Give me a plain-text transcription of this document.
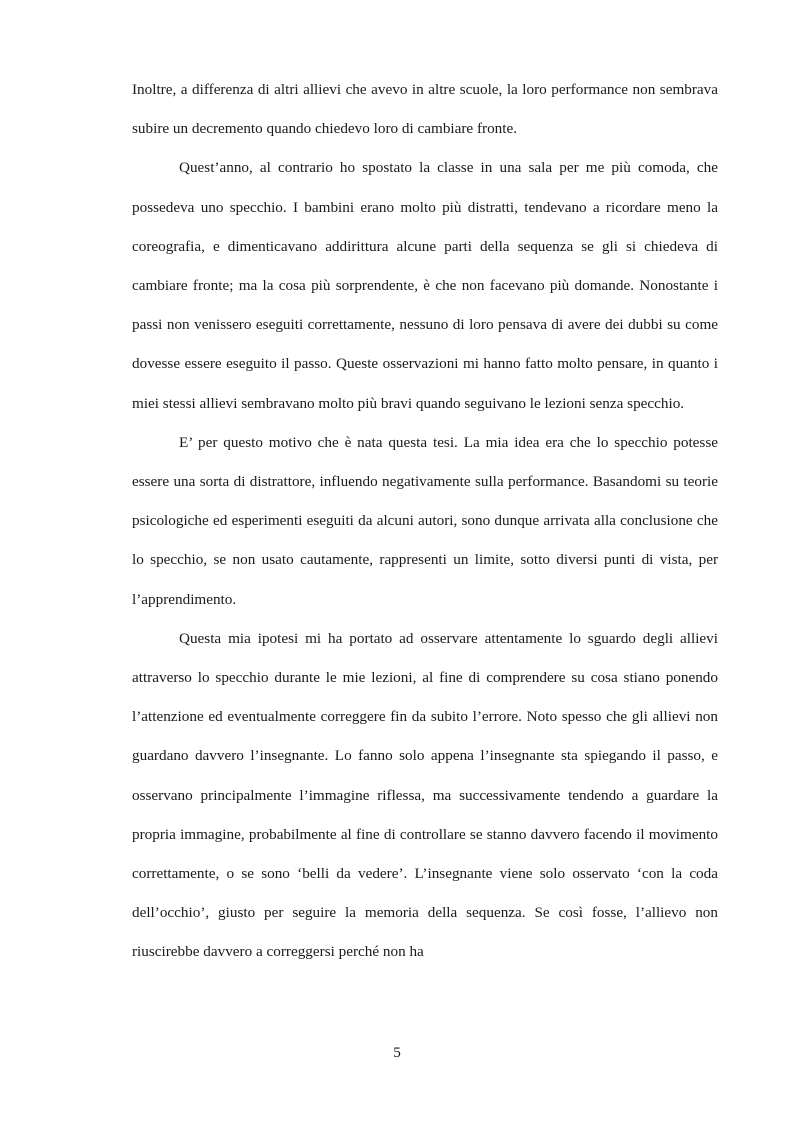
Inoltre, a differenza di altri allievi che avevo in altre scuole, la loro performance non sembrava subire un decremento quando chiedevo loro di cambiare fronte.

Quest’anno, al contrario ho spostato la classe in una sala per me più comoda, che possedeva uno specchio. I bambini erano molto più distratti, tendevano a ricordare meno la coreografia, e dimenticavano addirittura alcune parti della sequenza se gli si chiedeva di cambiare fronte; ma la cosa più sorprendente, è che non facevano più domande. Nonostante i passi non venissero eseguiti correttamente, nessuno di loro pensava di avere dei dubbi su come dovesse essere eseguito il passo. Queste osservazioni mi hanno fatto molto pensare, in quanto i miei stessi allievi sembravano molto più bravi quando seguivano le lezioni senza specchio.

E’ per questo motivo che è nata questa tesi. La mia idea era che lo specchio potesse essere una sorta di distrattore, influendo negativamente sulla performance. Basandomi su teorie psicologiche ed esperimenti eseguiti da alcuni autori, sono dunque arrivata alla conclusione che lo specchio, se non usato cautamente, rappresenti un limite, sotto diversi punti di vista, per l’apprendimento.

Questa mia ipotesi mi ha portato ad osservare attentamente lo sguardo degli allievi attraverso lo specchio durante le mie lezioni, al fine di comprendere su cosa stiano ponendo l’attenzione ed eventualmente correggere fin da subito l’errore. Noto spesso che gli allievi non guardano davvero l’insegnante. Lo fanno solo appena l’insegnante sta spiegando il passo, e osservano principalmente l’immagine riflessa, ma successivamente tendendo a guardare la propria immagine, probabilmente al fine di controllare se stanno davvero facendo il movimento correttamente, o se sono ‘belli da vedere’. L’insegnante viene solo osservato ‘con la coda dell’occhio’, giusto per seguire la memoria della sequenza. Se così fosse, l’allievo non riuscirebbe davvero a correggersi perché non ha

5
